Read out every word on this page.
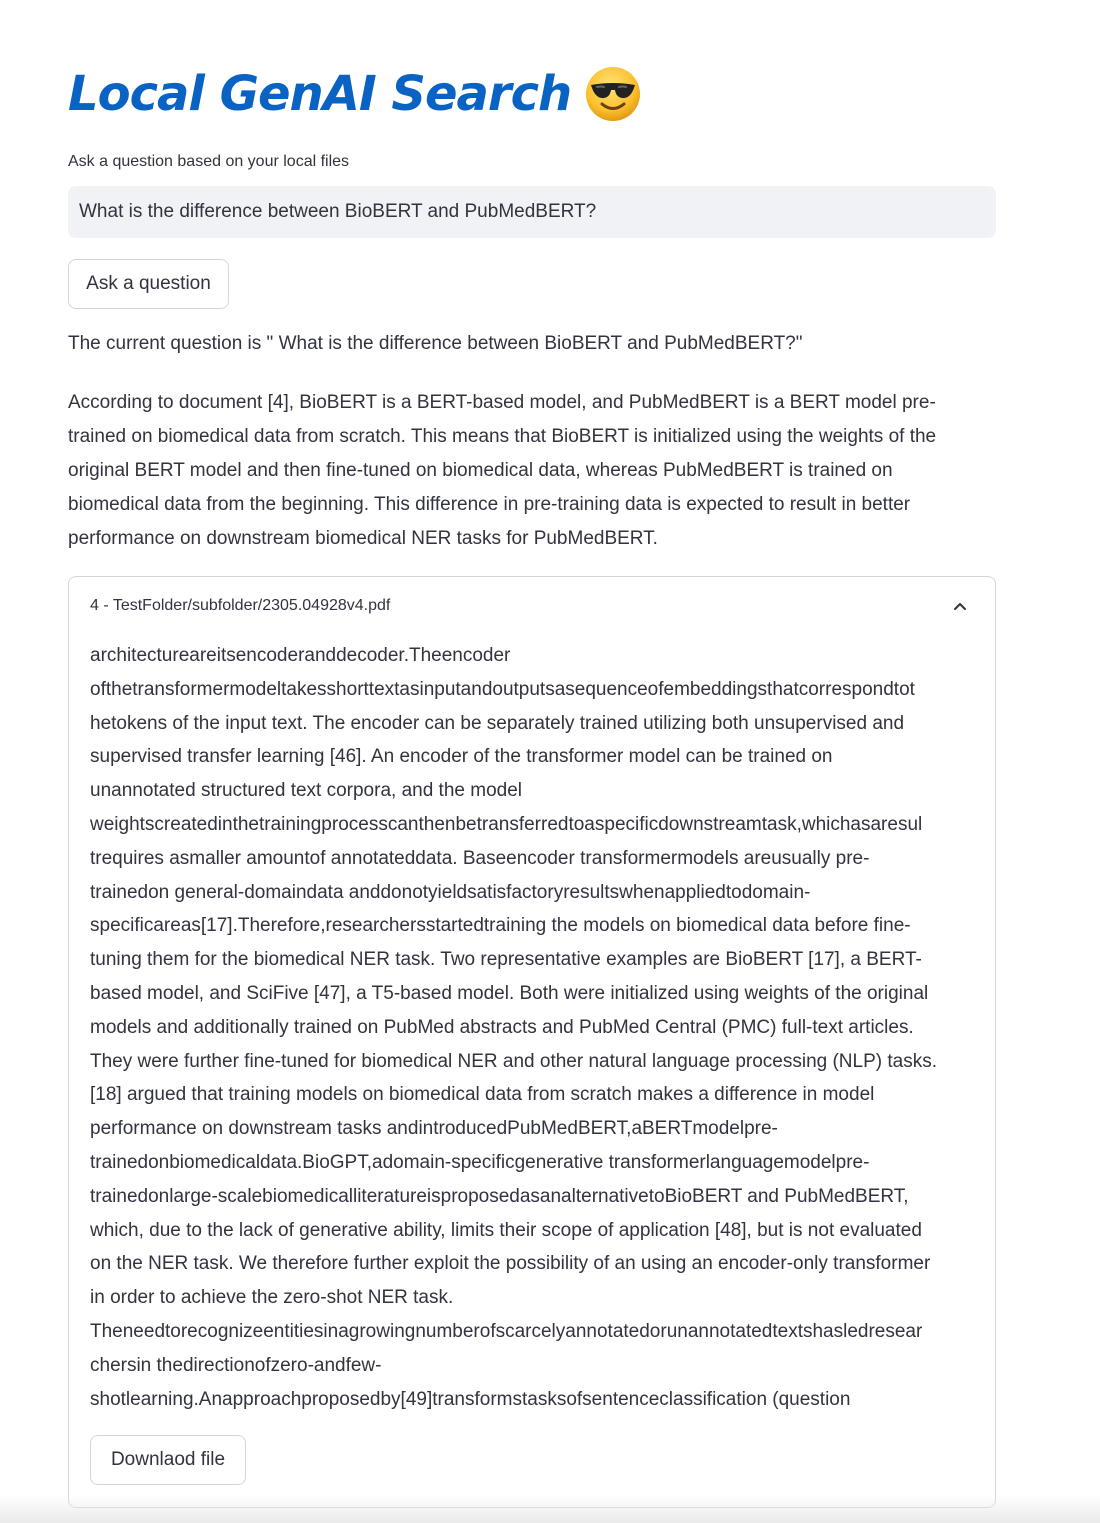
Local GenAI Search
Ask a question based on your local files
What is the difference between BioBERT and PubMedBERT?
Ask a question
The current question is " What is the difference between BioBERT and PubMedBERT?"
According to document [4], BioBERT is a BERT-based model, and PubMedBERT is a BERT model pre-
trained on biomedical data from scratch. This means that BioBERT is initialized using the weights of the
original BERT model and then fine-tuned on biomedical data, whereas PubMedBERT is trained on
biomedical data from the beginning. This difference in pre-training data is expected to result in better
performance on downstream biomedical NER tasks for PubMedBERT.
4 - TestFolder/subfolder/2305.04928v4.pdf
architectureareitsencoderanddecoder.Theencoder
ofthetransformermodeltakesshorttextasinputandoutputsasequenceofembeddingsthatcorrespondtot
hetokens of the input text. The encoder can be separately trained utilizing both unsupervised and
supervised transfer learning [46]. An encoder of the transformer model can be trained on
unannotated structured text corpora, and the model
weightscreatedinthetrainingprocesscanthenbetransferredtoaspecificdownstreamtask,whichasaresul
trequires asmaller amountof annotateddata. Baseencoder transformermodels areusually pre-
trainedon general-domaindata anddonotyieldsatisfactoryresultswhenappliedtodomain-
specificareas[17].Therefore,researchersstartedtraining the models on biomedical data before fine-
tuning them for the biomedical NER task. Two representative examples are BioBERT [17], a BERT-
based model, and SciFive [47], a T5-based model. Both were initialized using weights of the original
models and additionally trained on PubMed abstracts and PubMed Central (PMC) full-text articles.
They were further fine-tuned for biomedical NER and other natural language processing (NLP) tasks.
[18] argued that training models on biomedical data from scratch makes a difference in model
performance on downstream tasks andintroducedPubMedBERT,aBERTmodelpre-
trainedonbiomedicaldata.BioGPT,adomain-specificgenerative transformerlanguagemodelpre-
trainedonlarge-scalebiomedicalliteratureisproposedasanalternativetoBioBERT and PubMedBERT,
which, due to the lack of generative ability, limits their scope of application [48], but is not evaluated
on the NER task. We therefore further exploit the possibility of an using an encoder-only transformer
in order to achieve the zero-shot NER task.
Theneedtorecognizeentitiesinagrowingnumberofscarcelyannotatedorunannotatedtextshasledresear
chersin thedirectionofzero-andfew-
shotlearning.Anapproachproposedby[49]transformstasksofsentenceclassification (question
Downlaod file
